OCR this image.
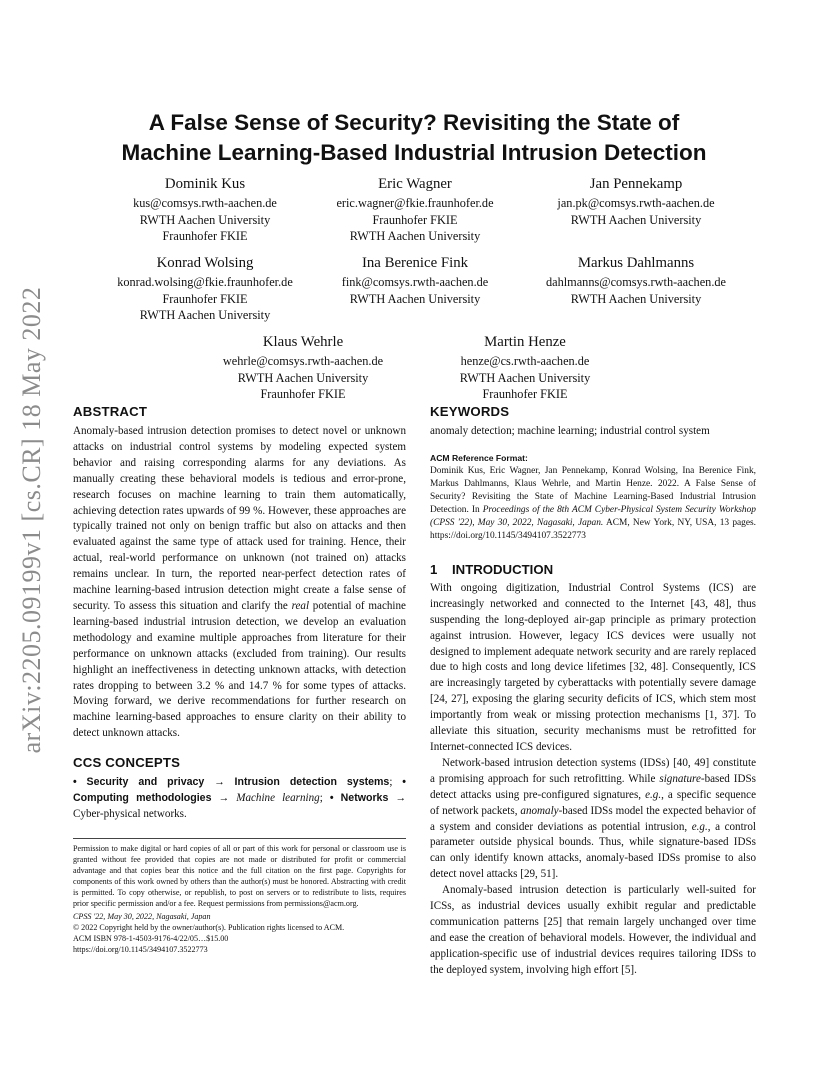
arXiv:2205.09199v1 [cs.CR] 18 May 2022
A False Sense of Security? Revisiting the State of
Machine Learning-Based Industrial Intrusion Detection
Dominik Kus
kus@comsys.rwth-aachen.de
RWTH Aachen University
Fraunhofer FKIE
Eric Wagner
eric.wagner@fkie.fraunhofer.de
Fraunhofer FKIE
RWTH Aachen University
Jan Pennekamp
jan.pk@comsys.rwth-aachen.de
RWTH Aachen University
Konrad Wolsing
konrad.wolsing@fkie.fraunhofer.de
Fraunhofer FKIE
RWTH Aachen University
Ina Berenice Fink
fink@comsys.rwth-aachen.de
RWTH Aachen University
Markus Dahlmanns
dahlmanns@comsys.rwth-aachen.de
RWTH Aachen University
Klaus Wehrle
wehrle@comsys.rwth-aachen.de
RWTH Aachen University
Fraunhofer FKIE
Martin Henze
henze@cs.rwth-aachen.de
RWTH Aachen University
Fraunhofer FKIE
ABSTRACT

Anomaly-based intrusion detection promises to detect novel or unknown attacks on industrial control systems by modeling expected system behavior and raising corresponding alarms for any deviations. As manually creating these behavioral models is tedious and error-prone, research focuses on machine learning to train them automatically, achieving detection rates upwards of 99 %. However, these approaches are typically trained not only on benign traffic but also on attacks and then evaluated against the same type of attack used for training. Hence, their actual, real-world performance on unknown (not trained on) attacks remains unclear. In turn, the reported near-perfect detection rates of machine learning-based intrusion detection might create a false sense of security. To assess this situation and clarify the real potential of machine learning-based industrial intrusion detection, we develop an evaluation methodology and examine multiple approaches from literature for their performance on unknown attacks (excluded from training). Our results highlight an ineffectiveness in detecting unknown attacks, with detection rates dropping to between 3.2 % and 14.7 % for some types of attacks. Moving forward, we derive recommendations for further research on machine learning-based approaches to ensure clarity on their ability to detect unknown attacks.

CCS CONCEPTS

• Security and privacy → Intrusion detection systems; • Computing methodologies → Machine learning; • Networks → Cyber-physical networks.

Permission to make digital or hard copies of all or part of this work for personal or classroom use is granted without fee provided that copies are not made or distributed for profit or commercial advantage and that copies bear this notice and the full citation on the first page. Copyrights for components of this work owned by others than the author(s) must be honored. Abstracting with credit is permitted. To copy otherwise, or republish, to post on servers or to redistribute to lists, requires prior specific permission and/or a fee. Request permissions from permissions@acm.org.

CPSS '22, May 30, 2022, Nagasaki, Japan

© 2022 Copyright held by the owner/author(s). Publication rights licensed to ACM.

ACM ISBN 978-1-4503-9176-4/22/05…$15.00

https://doi.org/10.1145/3494107.3522773

KEYWORDS

anomaly detection; machine learning; industrial control system

ACM Reference Format:

Dominik Kus, Eric Wagner, Jan Pennekamp, Konrad Wolsing, Ina Berenice Fink, Markus Dahlmanns, Klaus Wehrle, and Martin Henze. 2022. A False Sense of Security? Revisiting the State of Machine Learning-Based Industrial Intrusion Detection. In Proceedings of the 8th ACM Cyber-Physical System Security Workshop (CPSS '22), May 30, 2022, Nagasaki, Japan. ACM, New York, NY, USA, 13 pages. https://doi.org/10.1145/3494107.3522773

1 INTRODUCTION

With ongoing digitization, Industrial Control Systems (ICS) are increasingly networked and connected to the Internet [43, 48], thus suspending the long-deployed air-gap principle as primary protection against intrusion. However, legacy ICS devices were usually not designed to implement adequate network security and are rarely replaced due to high costs and long device lifetimes [32, 48]. Consequently, ICS are increasingly targeted by cyberattacks with potentially severe damage [24, 27], exposing the glaring security deficits of ICS, which stem most importantly from weak or missing protection mechanisms [1, 37]. To alleviate this situation, security mechanisms must be retrofitted for Internet-connected ICS devices.

Network-based intrusion detection systems (IDSs) [40, 49] constitute a promising approach for such retrofitting. While signature-based IDSs detect attacks using pre-configured signatures, e.g., a specific sequence of network packets, anomaly-based IDSs model the expected behavior of a system and consider deviations as potential intrusion, e.g., a control parameter outside physical bounds. Thus, while signature-based IDSs can only identify known attacks, anomaly-based IDSs promise to also detect novel attacks [29, 51].

Anomaly-based intrusion detection is particularly well-suited for ICSs, as industrial devices usually exhibit regular and predictable communication patterns [25] that remain largely unchanged over time and ease the creation of behavioral models. However, the individual and application-specific use of industrial devices requires tailoring IDSs to the deployed system, involving high effort [5].
